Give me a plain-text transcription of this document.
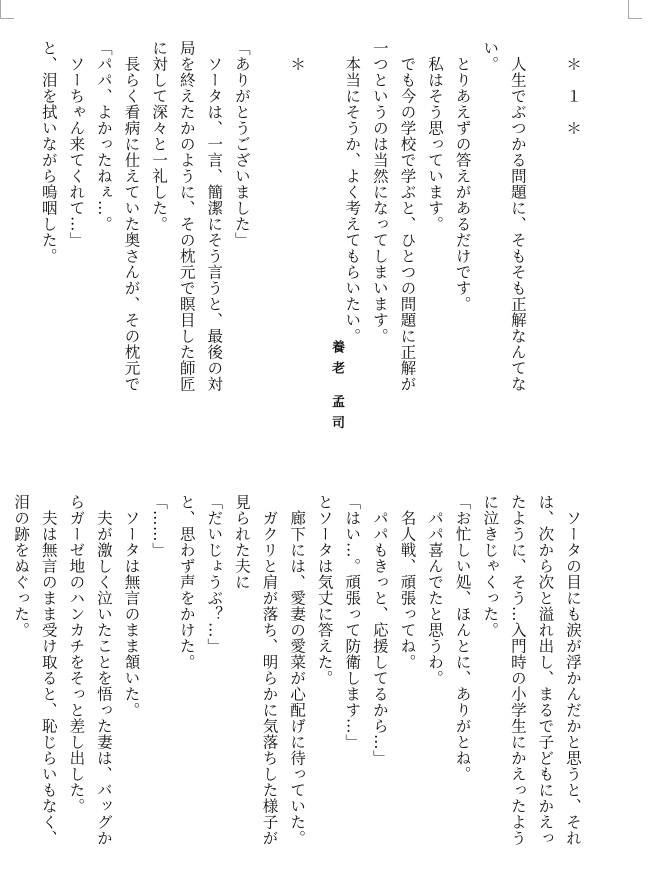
　＊　１　＊

　人生でぶつかる問題に、そもそも正解なんてな
い。
　とりあえずの答えがあるだけです。
　私はそう思っています。
　でも今の学校で学ぶと、ひとつの問題に正解が
一つというのは当然になってしまいます。
　本当にそうか、よく考えてもらいたい。

　＊

「ありがとうございました」
　ソータは、一言、簡潔にそう言うと、最後の対
局を終えたかのように、その枕元で瞑目した師匠
に対して深々と一礼した。
　長らく看病に仕えていた奥さんが、その枕元で
「パパ、よかったねぇ…。
　ソーちゃん来てくれて…」
と、泪を拭いながら嗚咽した。
養老 孟司
　ソータの目にも涙が浮かんだかと思うと、それ
は、次から次と溢れ出し、まるで子どもにかえっ
たように、そう…入門時の小学生にかえったよう
に泣きじゃくった。
「お忙しい処、ほんとに、ありがとね。
　パパ喜んでたと思うわ。
　名人戦、頑張ってね。
　パパもきっと、応援してるから…」
「はい…。頑張って防衛します…」
とソータは気丈に答えた。
　廊下には、愛妻の愛菜が心配げに待っていた。
　ガクリと肩が落ち、明らかに気落ちした様子が
見られた夫に
「だいじょうぶ？…」
と、思わず声をかけた。
「……」
　ソータは無言のまま頷いた。
　夫が激しく泣いたことを悟った妻は、バッグか
らガーゼ地のハンカチをそっと差し出した。
　夫は無言のまま受け取ると、恥じらいもなく、
泪の跡をぬぐった。
